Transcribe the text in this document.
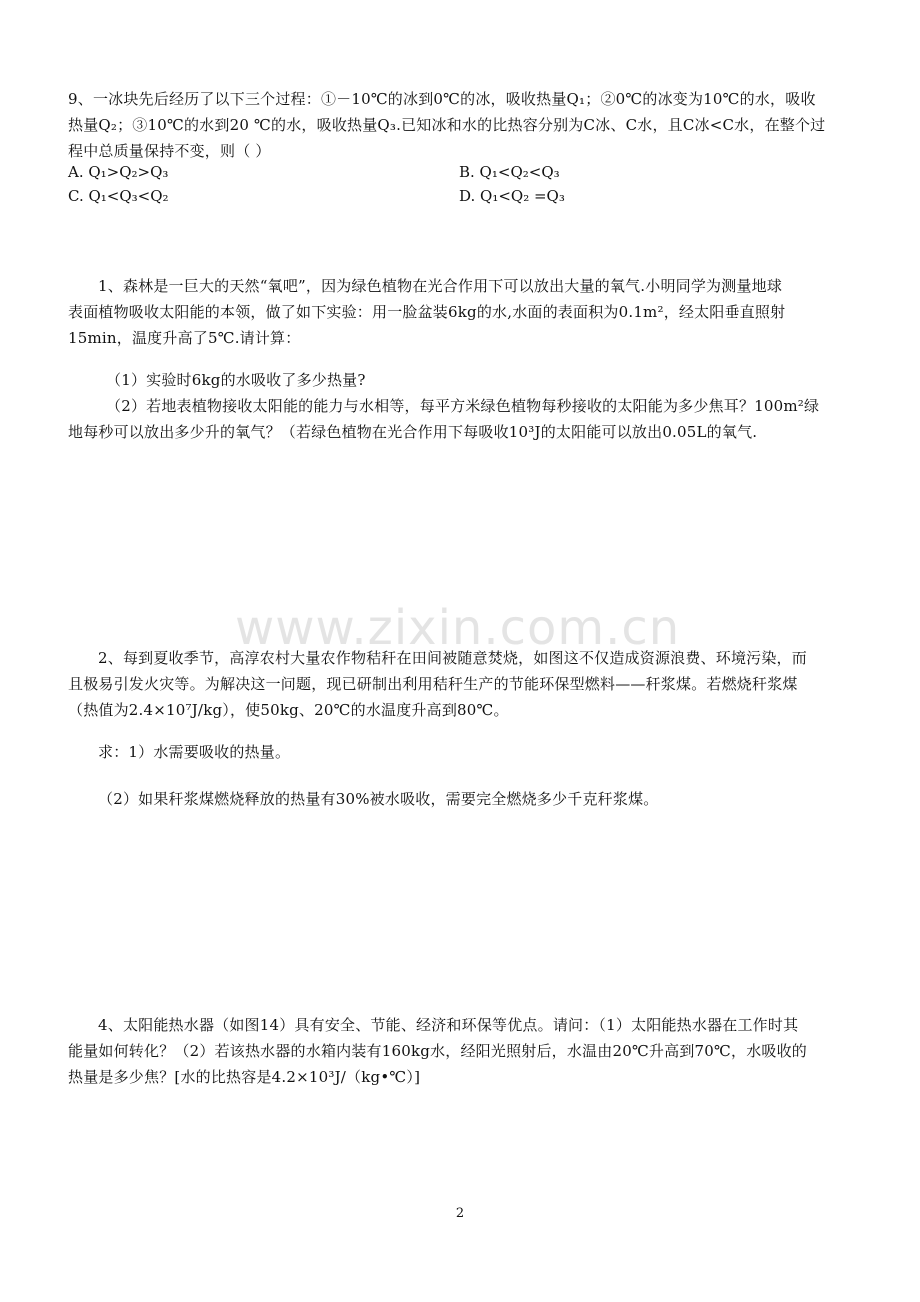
9、一冰块先后经历了以下三个过程：①－10℃的冰到0℃的冰，吸收热量Q₁；②0℃的冰变为10℃的水，吸收
热量Q₂；③10℃的水到20 ℃的水，吸收热量Q₃.已知冰和水的比热容分别为C冰、C水，且C冰<C水，在整个过
程中总质量保持不变，则（ ）
A. Q₁>Q₂>Q₃	B. Q₁<Q₂<Q₃
C. Q₁<Q₃<Q₂	D. Q₁<Q₂ =Q₃
1、森林是一巨大的天然“氧吧”，因为绿色植物在光合作用下可以放出大量的氧气.小明同学为测量地球
表面植物吸收太阳能的本领，做了如下实验：用一脸盆装6kg的水,水面的表面积为0.1m²，经太阳垂直照射
15min，温度升高了5℃.请计算：
（1）实验时6kg的水吸收了多少热量?
（2）若地表植物接收太阳能的能力与水相等，每平方米绿色植物每秒接收的太阳能为多少焦耳？100m²绿
地每秒可以放出多少升的氧气？（若绿色植物在光合作用下每吸收10³J的太阳能可以放出0.05L的氧气.
www.zixin.com.cn
2、每到夏收季节，高淳农村大量农作物秸秆在田间被随意焚烧，如图这不仅造成资源浪费、环境污染，而
且极易引发火灾等。为解决这一问题，现已研制出利用秸秆生产的节能环保型燃料——秆浆煤。若燃烧秆浆煤
（热值为2.4×10⁷J/kg），使50kg、20℃的水温度升高到80℃。
求：1）水需要吸收的热量。
（2）如果秆浆煤燃烧释放的热量有30%被水吸收，需要完全燃烧多少千克秆浆煤。
4、太阳能热水器（如图14）具有安全、节能、经济和环保等优点。请问：（1）太阳能热水器在工作时其
能量如何转化？（2）若该热水器的水箱内装有160kg水，经阳光照射后，水温由20℃升高到70℃，水吸收的
热量是多少焦？[水的比热容是4.2×10³J/（kg•℃）]
2
